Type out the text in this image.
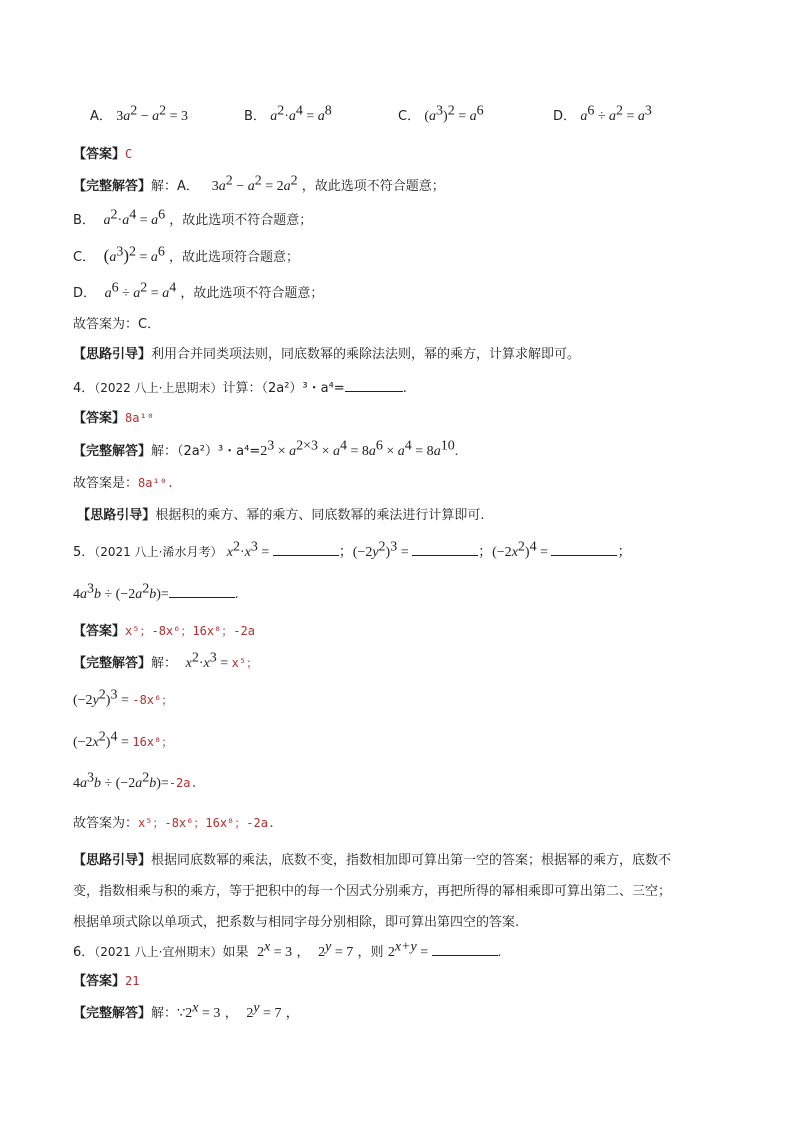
A． $3a^2 - a^2 = 3$	B． $a^2\cdot a^4 = a^8$	C． $(a^3)^2 = a^6$	D． $a^6 \div a^2 = a^3$
【答案】C
【完整解答】解：A． $3a^2 - a^2 = 2a^2$ ，故此选项不符合题意；
B． $a^2\cdot a^4 = a^6$ ，故此选项不符合题意；
C． $(a^3)^2 = a^6$ ，故此选项符合题意；
D． $a^6 \div a^2 = a^4$ ，故此选项不符合题意；
故答案为：C．
【思路引导】利用合并同类项法则，同底数幂的乘除法法则，幂的乘方，计算求解即可。
4．（2022 八上·上思期末）计算：（2a²）³・a⁴=	.
【答案】8a¹⁰
【完整解答】解：（2a²）³・$a^4=2^3 \times a^{2\times 3} \times a^4 = 8a^6 \times a^4 = 8a^{10}$.
故答案是：8a¹⁰.
【思路引导】根据积的乘方、幂的乘方、同底数幂的乘法进行计算即可.
5．（2021 八上·浠水月考） $x^2\cdot x^3$ =	；$(-2y^2)^3$ =	；$(-2x^2)^4$ =	；
$4a^3b \div (-2a^2b)=$	.
【答案】x⁵；-8x⁶；16x⁸；-2a
【完整解答】解： $x^2\cdot x^3 = x^5$；
$(-2y^2)^3 = -8x^6$；
$(-2x^2)^4 = 16x^8$；
$4a^3b \div (-2a^2b)=-2a$.
故答案为：x⁵；-8x⁶；16x⁸；-2a.
【思路引导】根据同底数幂的乘法，底数不变，指数相加即可算出第一空的答案；根据幂的乘方，底数不
变，指数相乘与积的乘方，等于把积中的每一个因式分别乘方，再把所得的幂相乘即可算出第二、三空；
根据单项式除以单项式，把系数与相同字母分别相除，即可算出第四空的答案.
6．（2021 八上·宜州期末）如果 $2^x = 3$ ， $2^y = 7$ ，则 $2^{x+y}$ =	.
【答案】21
【完整解答】解：$\because 2^x = 3$ ， $2^y = 7$ ，
